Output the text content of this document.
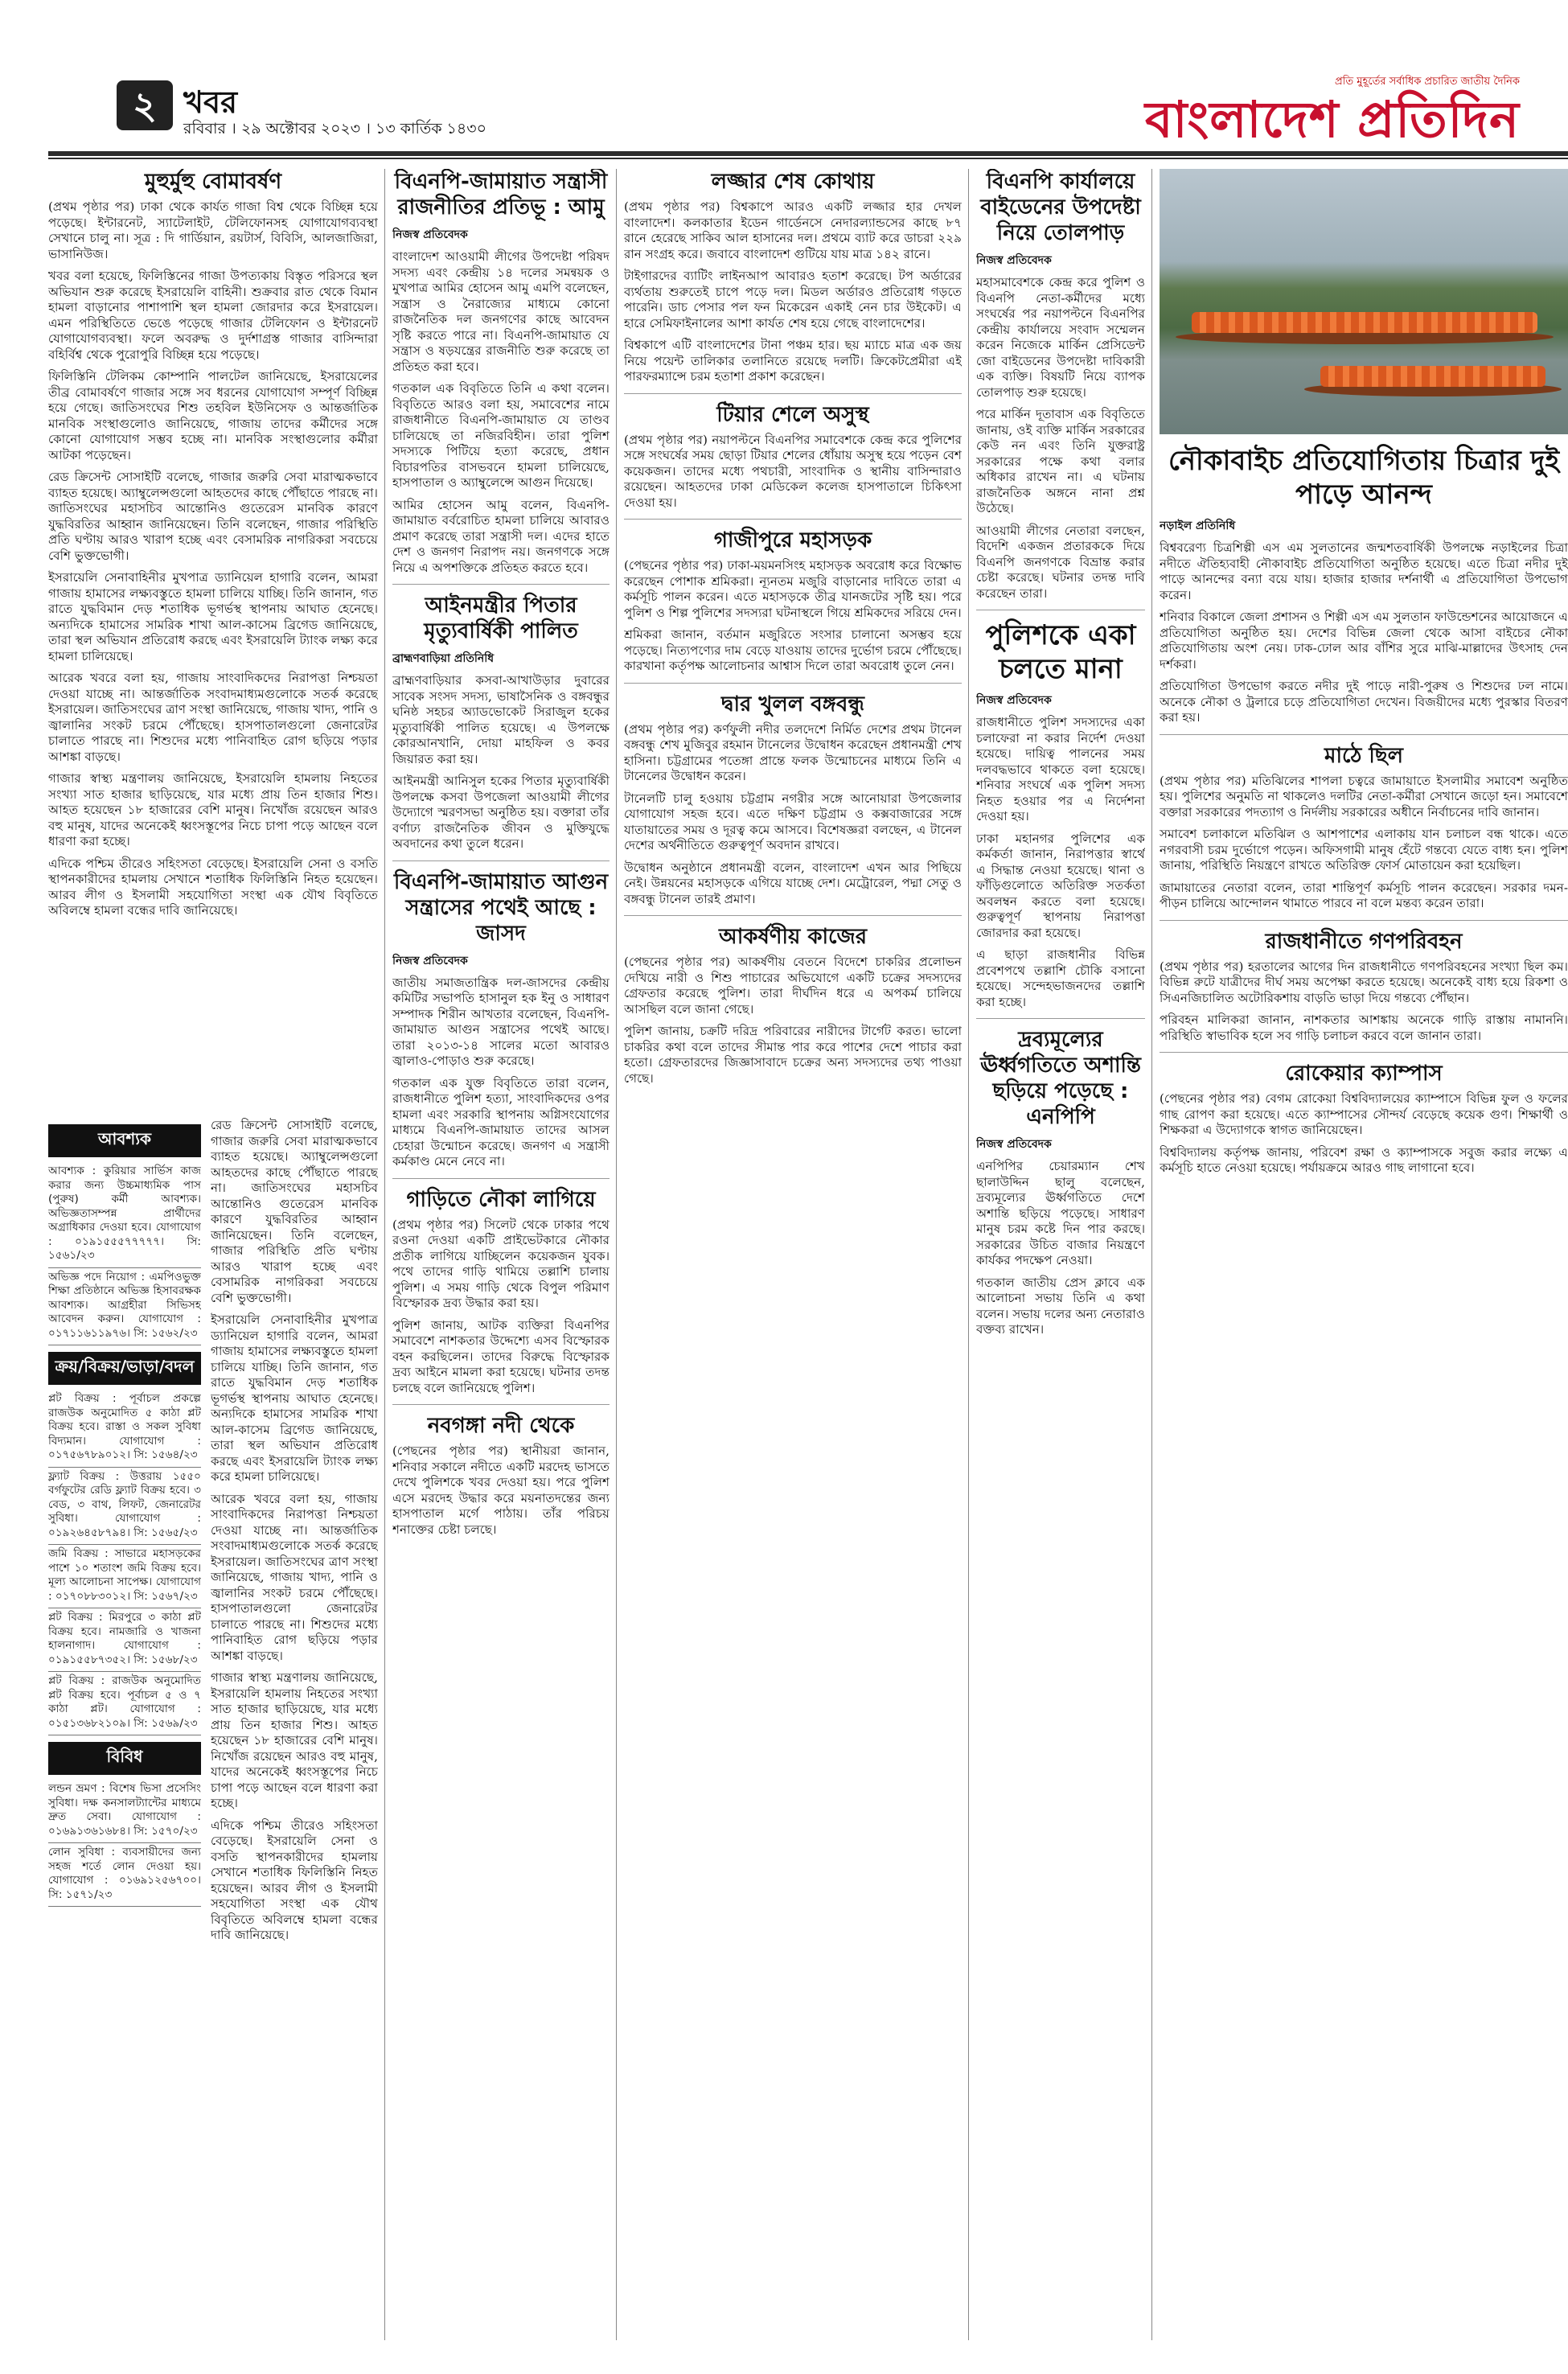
২ খবর
রবিবার । ২৯ অক্টোবর ২০২৩ । ১৩ কার্তিক ১৪৩০
প্রতি মুহূর্তের সর্বাধিক প্রচারিত জাতীয় দৈনিক
বাংলাদেশ প্রতিদিন
মুহুর্মুহু বোমাবর্ষণ

(প্রথম পৃষ্ঠার পর) ঢাকা থেকে কার্যত গাজা বিশ্ব থেকে বিচ্ছিন্ন হয়ে পড়েছে। ইন্টারনেট, স্যাটেলাইট, টেলিফোনসহ যোগাযোগব্যবস্থা সেখানে চালু না। সূত্র : দি গার্ডিয়ান, রয়টার্স, বিবিসি, আলজাজিরা, ভাসানিউজ।

খবর বলা হয়েছে, ফিলিস্তিনের গাজা উপত্যকায় বিস্তৃত পরিসরে স্থল অভিযান শুরু করেছে ইসরায়েলি বাহিনী। শুক্রবার রাত থেকে বিমান হামলা বাড়ানোর পাশাপাশি স্থল হামলা জোরদার করে ইসরায়েল। এমন পরিস্থিতিতে ভেঙে পড়েছে গাজার টেলিফোন ও ইন্টারনেট যোগাযোগব্যবস্থা। ফলে অবরুদ্ধ ও দুর্দশাগ্রস্ত গাজার বাসিন্দারা বহির্বিশ্ব থেকে পুরোপুরি বিচ্ছিন্ন হয়ে পড়েছে।

ফিলিস্তিনি টেলিকম কোম্পানি পালটেল জানিয়েছে, ইসরায়েলের তীব্র বোমাবর্ষণে গাজার সঙ্গে সব ধরনের যোগাযোগ সম্পূর্ণ বিচ্ছিন্ন হয়ে গেছে। জাতিসংঘের শিশু তহবিল ইউনিসেফ ও আন্তর্জাতিক মানবিক সংস্থাগুলোও জানিয়েছে, গাজায় তাদের কর্মীদের সঙ্গে কোনো যোগাযোগ সম্ভব হচ্ছে না। মানবিক সংস্থাগুলোর কর্মীরা আটকা পড়েছেন।

রেড ক্রিসেন্ট সোসাইটি বলেছে, গাজার জরুরি সেবা মারাত্মকভাবে ব্যাহত হয়েছে। অ্যাম্বুলেন্সগুলো আহতদের কাছে পৌঁছাতে পারছে না। জাতিসংঘের মহাসচিব আন্তোনিও গুতেরেস মানবিক কারণে যুদ্ধবিরতির আহ্বান জানিয়েছেন। তিনি বলেছেন, গাজার পরিস্থিতি প্রতি ঘণ্টায় আরও খারাপ হচ্ছে এবং বেসামরিক নাগরিকরা সবচেয়ে বেশি ভুক্তভোগী।

ইসরায়েলি সেনাবাহিনীর মুখপাত্র ড্যানিয়েল হাগারি বলেন, আমরা গাজায় হামাসের লক্ষ্যবস্তুতে হামলা চালিয়ে যাচ্ছি। তিনি জানান, গত রাতে যুদ্ধবিমান দেড় শতাধিক ভূগর্ভস্থ স্থাপনায় আঘাত হেনেছে। অন্যদিকে হামাসের সামরিক শাখা আল-কাসেম ব্রিগেড জানিয়েছে, তারা স্থল অভিযান প্রতিরোধ করছে এবং ইসরায়েলি ট্যাংক লক্ষ্য করে হামলা চালিয়েছে।

আরেক খবরে বলা হয়, গাজায় সাংবাদিকদের নিরাপত্তা নিশ্চয়তা দেওয়া যাচ্ছে না। আন্তর্জাতিক সংবাদমাধ্যমগুলোকে সতর্ক করেছে ইসরায়েল। জাতিসংঘের ত্রাণ সংস্থা জানিয়েছে, গাজায় খাদ্য, পানি ও জ্বালানির সংকট চরমে পৌঁছেছে। হাসপাতালগুলো জেনারেটর চালাতে পারছে না। শিশুদের মধ্যে পানিবাহিত রোগ ছড়িয়ে পড়ার আশঙ্কা বাড়ছে।

গাজার স্বাস্থ্য মন্ত্রণালয় জানিয়েছে, ইসরায়েলি হামলায় নিহতের সংখ্যা সাত হাজার ছাড়িয়েছে, যার মধ্যে প্রায় তিন হাজার শিশু। আহত হয়েছেন ১৮ হাজারের বেশি মানুষ। নিখোঁজ রয়েছেন আরও বহু মানুষ, যাদের অনেকেই ধ্বংসস্তূপের নিচে চাপা পড়ে আছেন বলে ধারণা করা হচ্ছে।

এদিকে পশ্চিম তীরেও সহিংসতা বেড়েছে। ইসরায়েলি সেনা ও বসতি স্থাপনকারীদের হামলায় সেখানে শতাধিক ফিলিস্তিনি নিহত হয়েছেন। আরব লীগ ও ইসলামী সহযোগিতা সংস্থা এক যৌথ বিবৃতিতে অবিলম্বে হামলা বন্ধের দাবি জানিয়েছে।

আবশ্যক

আবশ্যক : কুরিয়ার সার্ভিস কাজ করার জন্য উচ্চমাধ্যমিক পাস (পুরুষ) কর্মী আবশ্যক। অভিজ্ঞতাসম্পন্ন প্রার্থীদের অগ্রাধিকার দেওয়া হবে। যোগাযোগ : ০১৯১৫৫৫৭৭৭৭৭। সি: ১৫৬১/২৩

অভিজ্ঞ পদে নিয়োগ : এমপিওভুক্ত শিক্ষা প্রতিষ্ঠানে অভিজ্ঞ হিসাবরক্ষক আবশ্যক। আগ্রহীরা সিভিসহ আবেদন করুন। যোগাযোগ : ০১৭১১৬১১৯৭৬। সি: ১৫৬২/২৩

ক্রয়/বিক্রয়/ভাড়া/বদল

প্লট বিক্রয় : পূর্বাচল প্রকল্পে রাজউক অনুমোদিত ৫ কাঠা প্লট বিক্রয় হবে। রাস্তা ও সকল সুবিধা বিদ্যমান। যোগাযোগ : ০১৭৫৬৭৮৯০১২। সি: ১৫৬৪/২৩

ফ্ল্যাট বিক্রয় : উত্তরায় ১৫৫০ বর্গফুটের রেডি ফ্ল্যাট বিক্রয় হবে। ৩ বেড, ৩ বাথ, লিফট, জেনারেটর সুবিধা। যোগাযোগ : ০১৯২৬৪৫৮৭৯৪। সি: ১৫৬৫/২৩

জমি বিক্রয় : সাভারে মহাসড়কের পাশে ১০ শতাংশ জমি বিক্রয় হবে। মূল্য আলোচনা সাপেক্ষ। যোগাযোগ : ০১৭০৮৮৩০১২। সি: ১৫৬৭/২৩

প্লট বিক্রয় : মিরপুরে ৩ কাঠা প্লট বিক্রয় হবে। নামজারি ও খাজনা হালনাগাদ। যোগাযোগ : ০১৯১৫৫৮৭৩৫২। সি: ১৫৬৮/২৩

প্লট বিক্রয় : রাজউক অনুমোদিত প্লট বিক্রয় হবে। পূর্বাচল ৫ ও ৭ কাঠা প্লট। যোগাযোগ : ০১৫১৩৬৮২১০৯। সি: ১৫৬৯/২৩

বিবিধ

লন্ডন ভ্রমণ : বিশেষ ভিসা প্রসেসিং সুবিধা। দক্ষ কনসালট্যান্টের মাধ্যমে দ্রুত সেবা। যোগাযোগ : ০১৬৯১৩৬১৬৮৪। সি: ১৫৭০/২৩

লোন সুবিধা : ব্যবসায়ীদের জন্য সহজ শর্তে লোন দেওয়া হয়। যোগাযোগ : ০১৬৯১২৫৬৭০০। সি: ১৫৭১/২৩

রেড ক্রিসেন্ট সোসাইটি বলেছে, গাজার জরুরি সেবা মারাত্মকভাবে ব্যাহত হয়েছে। অ্যাম্বুলেন্সগুলো আহতদের কাছে পৌঁছাতে পারছে না। জাতিসংঘের মহাসচিব আন্তোনিও গুতেরেস মানবিক কারণে যুদ্ধবিরতির আহ্বান জানিয়েছেন। তিনি বলেছেন, গাজার পরিস্থিতি প্রতি ঘণ্টায় আরও খারাপ হচ্ছে এবং বেসামরিক নাগরিকরা সবচেয়ে বেশি ভুক্তভোগী।

ইসরায়েলি সেনাবাহিনীর মুখপাত্র ড্যানিয়েল হাগারি বলেন, আমরা গাজায় হামাসের লক্ষ্যবস্তুতে হামলা চালিয়ে যাচ্ছি। তিনি জানান, গত রাতে যুদ্ধবিমান দেড় শতাধিক ভূগর্ভস্থ স্থাপনায় আঘাত হেনেছে। অন্যদিকে হামাসের সামরিক শাখা আল-কাসেম ব্রিগেড জানিয়েছে, তারা স্থল অভিযান প্রতিরোধ করছে এবং ইসরায়েলি ট্যাংক লক্ষ্য করে হামলা চালিয়েছে।

আরেক খবরে বলা হয়, গাজায় সাংবাদিকদের নিরাপত্তা নিশ্চয়তা দেওয়া যাচ্ছে না। আন্তর্জাতিক সংবাদমাধ্যমগুলোকে সতর্ক করেছে ইসরায়েল। জাতিসংঘের ত্রাণ সংস্থা জানিয়েছে, গাজায় খাদ্য, পানি ও জ্বালানির সংকট চরমে পৌঁছেছে। হাসপাতালগুলো জেনারেটর চালাতে পারছে না। শিশুদের মধ্যে পানিবাহিত রোগ ছড়িয়ে পড়ার আশঙ্কা বাড়ছে।

গাজার স্বাস্থ্য মন্ত্রণালয় জানিয়েছে, ইসরায়েলি হামলায় নিহতের সংখ্যা সাত হাজার ছাড়িয়েছে, যার মধ্যে প্রায় তিন হাজার শিশু। আহত হয়েছেন ১৮ হাজারের বেশি মানুষ। নিখোঁজ রয়েছেন আরও বহু মানুষ, যাদের অনেকেই ধ্বংসস্তূপের নিচে চাপা পড়ে আছেন বলে ধারণা করা হচ্ছে।

এদিকে পশ্চিম তীরেও সহিংসতা বেড়েছে। ইসরায়েলি সেনা ও বসতি স্থাপনকারীদের হামলায় সেখানে শতাধিক ফিলিস্তিনি নিহত হয়েছেন। আরব লীগ ও ইসলামী সহযোগিতা সংস্থা এক যৌথ বিবৃতিতে অবিলম্বে হামলা বন্ধের দাবি জানিয়েছে।

বিএনপি-জামায়াত সন্ত্রাসী রাজনীতির প্রতিভূ : আমু
নিজস্ব প্রতিবেদক

বাংলাদেশ আওয়ামী লীগের উপদেষ্টা পরিষদ সদস্য এবং কেন্দ্রীয় ১৪ দলের সমন্বয়ক ও মুখপাত্র আমির হোসেন আমু এমপি বলেছেন, সন্ত্রাস ও নৈরাজ্যের মাধ্যমে কোনো রাজনৈতিক দল জনগণের কাছে আবেদন সৃষ্টি করতে পারে না। বিএনপি-জামায়াত যে সন্ত্রাস ও ষড়যন্ত্রের রাজনীতি শুরু করেছে তা প্রতিহত করা হবে।

গতকাল এক বিবৃতিতে তিনি এ কথা বলেন। বিবৃতিতে আরও বলা হয়, সমাবেশের নামে রাজধানীতে বিএনপি-জামায়াত যে তাণ্ডব চালিয়েছে তা নজিরবিহীন। তারা পুলিশ সদস্যকে পিটিয়ে হত্যা করেছে, প্রধান বিচারপতির বাসভবনে হামলা চালিয়েছে, হাসপাতাল ও অ্যাম্বুলেন্সে আগুন দিয়েছে।

আমির হোসেন আমু বলেন, বিএনপি-জামায়াত বর্বরোচিত হামলা চালিয়ে আবারও প্রমাণ করেছে তারা সন্ত্রাসী দল। এদের হাতে দেশ ও জনগণ নিরাপদ নয়। জনগণকে সঙ্গে নিয়ে এ অপশক্তিকে প্রতিহত করতে হবে।

আইনমন্ত্রীর পিতার মৃত্যুবার্ষিকী পালিত
ব্রাহ্মণবাড়িয়া প্রতিনিধি

ব্রাহ্মণবাড়িয়ার কসবা-আখাউড়ার দুবারের সাবেক সংসদ সদস্য, ভাষাসৈনিক ও বঙ্গবন্ধুর ঘনিষ্ঠ সহচর অ্যাডভোকেট সিরাজুল হকের মৃত্যুবার্ষিকী পালিত হয়েছে। এ উপলক্ষে কোরআনখানি, দোয়া মাহফিল ও কবর জিয়ারত করা হয়।

আইনমন্ত্রী আনিসুল হকের পিতার মৃত্যুবার্ষিকী উপলক্ষে কসবা উপজেলা আওয়ামী লীগের উদ্যোগে স্মরণসভা অনুষ্ঠিত হয়। বক্তারা তাঁর বর্ণাঢ্য রাজনৈতিক জীবন ও মুক্তিযুদ্ধে অবদানের কথা তুলে ধরেন।

বিএনপি-জামায়াত আগুন সন্ত্রাসের পথেই আছে : জাসদ
নিজস্ব প্রতিবেদক

জাতীয় সমাজতান্ত্রিক দল-জাসদের কেন্দ্রীয় কমিটির সভাপতি হাসানুল হক ইনু ও সাধারণ সম্পাদক শিরীন আখতার বলেছেন, বিএনপি-জামায়াত আগুন সন্ত্রাসের পথেই আছে। তারা ২০১৩-১৪ সালের মতো আবারও জ্বালাও-পোড়াও শুরু করেছে।

গতকাল এক যুক্ত বিবৃতিতে তারা বলেন, রাজধানীতে পুলিশ হত্যা, সাংবাদিকদের ওপর হামলা এবং সরকারি স্থাপনায় অগ্নিসংযোগের মাধ্যমে বিএনপি-জামায়াত তাদের আসল চেহারা উন্মোচন করেছে। জনগণ এ সন্ত্রাসী কর্মকাণ্ড মেনে নেবে না।

গাড়িতে নৌকা লাগিয়ে

(প্রথম পৃষ্ঠার পর) সিলেট থেকে ঢাকার পথে রওনা দেওয়া একটি প্রাইভেটকারে নৌকার প্রতীক লাগিয়ে যাচ্ছিলেন কয়েকজন যুবক। পথে তাদের গাড়ি থামিয়ে তল্লাশি চালায় পুলিশ। এ সময় গাড়ি থেকে বিপুল পরিমাণ বিস্ফোরক দ্রব্য উদ্ধার করা হয়।

পুলিশ জানায়, আটক ব্যক্তিরা বিএনপির সমাবেশে নাশকতার উদ্দেশ্যে এসব বিস্ফোরক বহন করছিলেন। তাদের বিরুদ্ধে বিস্ফোরক দ্রব্য আইনে মামলা করা হয়েছে। ঘটনার তদন্ত চলছে বলে জানিয়েছে পুলিশ।

নবগঙ্গা নদী থেকে

(পেছনের পৃষ্ঠার পর) স্থানীয়রা জানান, শনিবার সকালে নদীতে একটি মরদেহ ভাসতে দেখে পুলিশকে খবর দেওয়া হয়। পরে পুলিশ এসে মরদেহ উদ্ধার করে ময়নাতদন্তের জন্য হাসপাতাল মর্গে পাঠায়। তাঁর পরিচয় শনাক্তের চেষ্টা চলছে।

লজ্জার শেষ কোথায়

(প্রথম পৃষ্ঠার পর) বিশ্বকাপে আরও একটি লজ্জার হার দেখল বাংলাদেশ। কলকাতার ইডেন গার্ডেনসে নেদারল্যান্ডসের কাছে ৮৭ রানে হেরেছে সাকিব আল হাসানের দল। প্রথমে ব্যাট করে ডাচরা ২২৯ রান সংগ্রহ করে। জবাবে বাংলাদেশ গুটিয়ে যায় মাত্র ১৪২ রানে।

টাইগারদের ব্যাটিং লাইনআপ আবারও হতাশ করেছে। টপ অর্ডারের ব্যর্থতায় শুরুতেই চাপে পড়ে দল। মিডল অর্ডারও প্রতিরোধ গড়তে পারেনি। ডাচ পেসার পল ফন মিকেরেন একাই নেন চার উইকেট। এ হারে সেমিফাইনালের আশা কার্যত শেষ হয়ে গেছে বাংলাদেশের।

বিশ্বকাপে এটি বাংলাদেশের টানা পঞ্চম হার। ছয় ম্যাচে মাত্র এক জয় নিয়ে পয়েন্ট তালিকার তলানিতে রয়েছে দলটি। ক্রিকেটপ্রেমীরা এই পারফরম্যান্সে চরম হতাশা প্রকাশ করেছেন।

টিয়ার শেলে অসুস্থ

(প্রথম পৃষ্ঠার পর) নয়াপল্টনে বিএনপির সমাবেশকে কেন্দ্র করে পুলিশের সঙ্গে সংঘর্ষের সময় ছোড়া টিয়ার শেলের ধোঁয়ায় অসুস্থ হয়ে পড়েন বেশ কয়েকজন। তাদের মধ্যে পথচারী, সাংবাদিক ও স্থানীয় বাসিন্দারাও রয়েছেন। আহতদের ঢাকা মেডিকেল কলেজ হাসপাতালে চিকিৎসা দেওয়া হয়।

গাজীপুরে মহাসড়ক

(পেছনের পৃষ্ঠার পর) ঢাকা-ময়মনসিংহ মহাসড়ক অবরোধ করে বিক্ষোভ করেছেন পোশাক শ্রমিকরা। ন্যূনতম মজুরি বাড়ানোর দাবিতে তারা এ কর্মসূচি পালন করেন। এতে মহাসড়কে তীব্র যানজটের সৃষ্টি হয়। পরে পুলিশ ও শিল্প পুলিশের সদস্যরা ঘটনাস্থলে গিয়ে শ্রমিকদের সরিয়ে দেন।

শ্রমিকরা জানান, বর্তমান মজুরিতে সংসার চালানো অসম্ভব হয়ে পড়েছে। নিত্যপণ্যের দাম বেড়ে যাওয়ায় তাদের দুর্ভোগ চরমে পৌঁছেছে। কারখানা কর্তৃপক্ষ আলোচনার আশ্বাস দিলে তারা অবরোধ তুলে নেন।

দ্বার খুলল বঙ্গবন্ধু

(প্রথম পৃষ্ঠার পর) কর্ণফুলী নদীর তলদেশে নির্মিত দেশের প্রথম টানেল বঙ্গবন্ধু শেখ মুজিবুর রহমান টানেলের উদ্বোধন করেছেন প্রধানমন্ত্রী শেখ হাসিনা। চট্টগ্রামের পতেঙ্গা প্রান্তে ফলক উন্মোচনের মাধ্যমে তিনি এ টানেলের উদ্বোধন করেন।

টানেলটি চালু হওয়ায় চট্টগ্রাম নগরীর সঙ্গে আনোয়ারা উপজেলার যোগাযোগ সহজ হবে। এতে দক্ষিণ চট্টগ্রাম ও কক্সবাজারের সঙ্গে যাতায়াতের সময় ও দূরত্ব কমে আসবে। বিশেষজ্ঞরা বলছেন, এ টানেল দেশের অর্থনীতিতে গুরুত্বপূর্ণ অবদান রাখবে।

উদ্বোধন অনুষ্ঠানে প্রধানমন্ত্রী বলেন, বাংলাদেশ এখন আর পিছিয়ে নেই। উন্নয়নের মহাসড়কে এগিয়ে যাচ্ছে দেশ। মেট্রোরেল, পদ্মা সেতু ও বঙ্গবন্ধু টানেল তারই প্রমাণ।

আকর্ষণীয় কাজের

(পেছনের পৃষ্ঠার পর) আকর্ষণীয় বেতনে বিদেশে চাকরির প্রলোভন দেখিয়ে নারী ও শিশু পাচারের অভিযোগে একটি চক্রের সদস্যদের গ্রেফতার করেছে পুলিশ। তারা দীর্ঘদিন ধরে এ অপকর্ম চালিয়ে আসছিল বলে জানা গেছে।

পুলিশ জানায়, চক্রটি দরিদ্র পরিবারের নারীদের টার্গেট করত। ভালো চাকরির কথা বলে তাদের সীমান্ত পার করে পাশের দেশে পাচার করা হতো। গ্রেফতারদের জিজ্ঞাসাবাদে চক্রের অন্য সদস্যদের তথ্য পাওয়া গেছে।

বিএনপি কার্যালয়ে বাইডেনের উপদেষ্টা নিয়ে তোলপাড়
নিজস্ব প্রতিবেদক

মহাসমাবেশকে কেন্দ্র করে পুলিশ ও বিএনপি নেতা-কর্মীদের মধ্যে সংঘর্ষের পর নয়াপল্টনে বিএনপির কেন্দ্রীয় কার্যালয়ে সংবাদ সম্মেলন করেন নিজেকে মার্কিন প্রেসিডেন্ট জো বাইডেনের উপদেষ্টা দাবিকারী এক ব্যক্তি। বিষয়টি নিয়ে ব্যাপক তোলপাড় শুরু হয়েছে।

পরে মার্কিন দূতাবাস এক বিবৃতিতে জানায়, ওই ব্যক্তি মার্কিন সরকারের কেউ নন এবং তিনি যুক্তরাষ্ট্র সরকারের পক্ষে কথা বলার অধিকার রাখেন না। এ ঘটনায় রাজনৈতিক অঙ্গনে নানা প্রশ্ন উঠেছে।

আওয়ামী লীগের নেতারা বলছেন, বিদেশি একজন প্রতারককে দিয়ে বিএনপি জনগণকে বিভ্রান্ত করার চেষ্টা করেছে। ঘটনার তদন্ত দাবি করেছেন তারা।

পুলিশকে একা চলতে মানা
নিজস্ব প্রতিবেদক

রাজধানীতে পুলিশ সদস্যদের একা চলাফেরা না করার নির্দেশ দেওয়া হয়েছে। দায়িত্ব পালনের সময় দলবদ্ধভাবে থাকতে বলা হয়েছে। শনিবার সংঘর্ষে এক পুলিশ সদস্য নিহত হওয়ার পর এ নির্দেশনা দেওয়া হয়।

ঢাকা মহানগর পুলিশের এক কর্মকর্তা জানান, নিরাপত্তার স্বার্থে এ সিদ্ধান্ত নেওয়া হয়েছে। থানা ও ফাঁড়িগুলোতে অতিরিক্ত সতর্কতা অবলম্বন করতে বলা হয়েছে। গুরুত্বপূর্ণ স্থাপনায় নিরাপত্তা জোরদার করা হয়েছে।

এ ছাড়া রাজধানীর বিভিন্ন প্রবেশপথে তল্লাশি চৌকি বসানো হয়েছে। সন্দেহভাজনদের তল্লাশি করা হচ্ছে।

দ্রব্যমূল্যের ঊর্ধ্বগতিতে অশান্তি ছড়িয়ে পড়েছে : এনপিপি
নিজস্ব প্রতিবেদক

এনপিপির চেয়ারম্যান শেখ ছালাউদ্দিন ছালু বলেছেন, দ্রব্যমূল্যের ঊর্ধ্বগতিতে দেশে অশান্তি ছড়িয়ে পড়েছে। সাধারণ মানুষ চরম কষ্টে দিন পার করছে। সরকারের উচিত বাজার নিয়ন্ত্রণে কার্যকর পদক্ষেপ নেওয়া।

গতকাল জাতীয় প্রেস ক্লাবে এক আলোচনা সভায় তিনি এ কথা বলেন। সভায় দলের অন্য নেতারাও বক্তব্য রাখেন।

নৌকাবাইচ প্রতিযোগিতায় চিত্রার দুই পাড়ে আনন্দ
নড়াইল প্রতিনিধি

বিশ্ববরেণ্য চিত্রশিল্পী এস এম সুলতানের জন্মশতবার্ষিকী উপলক্ষে নড়াইলের চিত্রা নদীতে ঐতিহ্যবাহী নৌকাবাইচ প্রতিযোগিতা অনুষ্ঠিত হয়েছে। এতে চিত্রা নদীর দুই পাড়ে আনন্দের বন্যা বয়ে যায়। হাজার হাজার দর্শনার্থী এ প্রতিযোগিতা উপভোগ করেন।

শনিবার বিকালে জেলা প্রশাসন ও শিল্পী এস এম সুলতান ফাউন্ডেশনের আয়োজনে এ প্রতিযোগিতা অনুষ্ঠিত হয়। দেশের বিভিন্ন জেলা থেকে আসা বাইচের নৌকা প্রতিযোগিতায় অংশ নেয়। ঢাক-ঢোল আর বাঁশির সুরে মাঝি-মাল্লাদের উৎসাহ দেন দর্শকরা।

প্রতিযোগিতা উপভোগ করতে নদীর দুই পাড়ে নারী-পুরুষ ও শিশুদের ঢল নামে। অনেকে নৌকা ও ট্রলারে চড়ে প্রতিযোগিতা দেখেন। বিজয়ীদের মধ্যে পুরস্কার বিতরণ করা হয়।

মাঠে ছিল

(প্রথম পৃষ্ঠার পর) মতিঝিলের শাপলা চত্বরে জামায়াতে ইসলামীর সমাবেশ অনুষ্ঠিত হয়। পুলিশের অনুমতি না থাকলেও দলটির নেতা-কর্মীরা সেখানে জড়ো হন। সমাবেশে বক্তারা সরকারের পদত্যাগ ও নির্দলীয় সরকারের অধীনে নির্বাচনের দাবি জানান।

সমাবেশ চলাকালে মতিঝিল ও আশপাশের এলাকায় যান চলাচল বন্ধ থাকে। এতে নগরবাসী চরম দুর্ভোগে পড়েন। অফিসগামী মানুষ হেঁটে গন্তব্যে যেতে বাধ্য হন। পুলিশ জানায়, পরিস্থিতি নিয়ন্ত্রণে রাখতে অতিরিক্ত ফোর্স মোতায়েন করা হয়েছিল।

জামায়াতের নেতারা বলেন, তারা শান্তিপূর্ণ কর্মসূচি পালন করেছেন। সরকার দমন-পীড়ন চালিয়ে আন্দোলন থামাতে পারবে না বলে মন্তব্য করেন তারা।

রাজধানীতে গণপরিবহন

(প্রথম পৃষ্ঠার পর) হরতালের আগের দিন রাজধানীতে গণপরিবহনের সংখ্যা ছিল কম। বিভিন্ন রুটে যাত্রীদের দীর্ঘ সময় অপেক্ষা করতে হয়েছে। অনেকেই বাধ্য হয়ে রিকশা ও সিএনজিচালিত অটোরিকশায় বাড়তি ভাড়া দিয়ে গন্তব্যে পৌঁছান।

পরিবহন মালিকরা জানান, নাশকতার আশঙ্কায় অনেকে গাড়ি রাস্তায় নামাননি। পরিস্থিতি স্বাভাবিক হলে সব গাড়ি চলাচল করবে বলে জানান তারা।

রোকেয়ার ক্যাম্পাস

(পেছনের পৃষ্ঠার পর) বেগম রোকেয়া বিশ্ববিদ্যালয়ের ক্যাম্পাসে বিভিন্ন ফুল ও ফলের গাছ রোপণ করা হয়েছে। এতে ক্যাম্পাসের সৌন্দর্য বেড়েছে কয়েক গুণ। শিক্ষার্থী ও শিক্ষকরা এ উদ্যোগকে স্বাগত জানিয়েছেন।

বিশ্ববিদ্যালয় কর্তৃপক্ষ জানায়, পরিবেশ রক্ষা ও ক্যাম্পাসকে সবুজ করার লক্ষ্যে এ কর্মসূচি হাতে নেওয়া হয়েছে। পর্যায়ক্রমে আরও গাছ লাগানো হবে।
